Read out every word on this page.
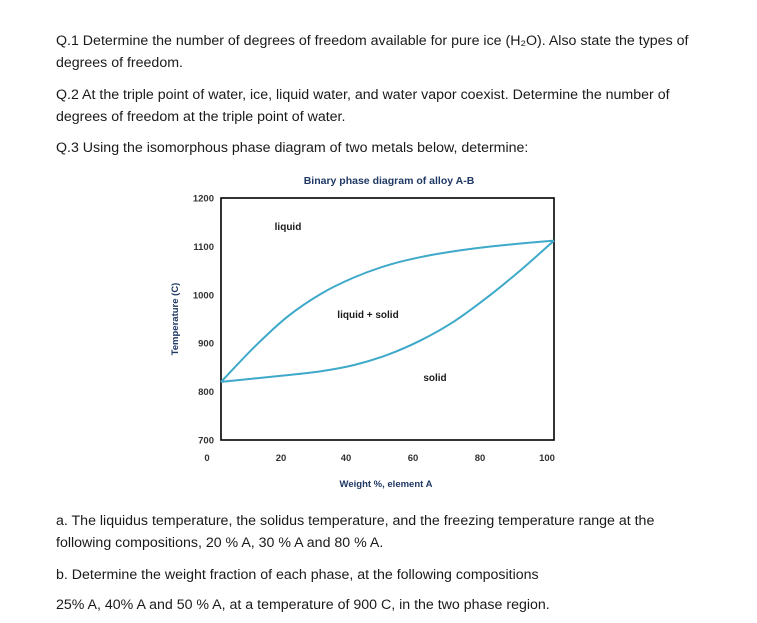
Q.1 Determine the number of degrees of freedom available for pure ice (H₂O). Also state the types of degrees of freedom.

Q.2 At the triple point of water, ice, liquid water, and water vapor coexist. Determine the number of degrees of freedom at the triple point of water.

Q.3 Using the isomorphous phase diagram of two metals below, determine:

Binary phase diagram of alloy A-B
700
800
900
1000
1100
1200
0	20	40	60	80	100
Temperature (C)
Weight %, element A
liquid
liquid + solid
solid

a. The liquidus temperature, the solidus temperature, and the freezing temperature range at the following compositions, 20 % A, 30 % A and 80 % A.

b. Determine the weight fraction of each phase, at the following compositions

25% A, 40% A and 50 % A, at a temperature of 900 C, in the two phase region.
